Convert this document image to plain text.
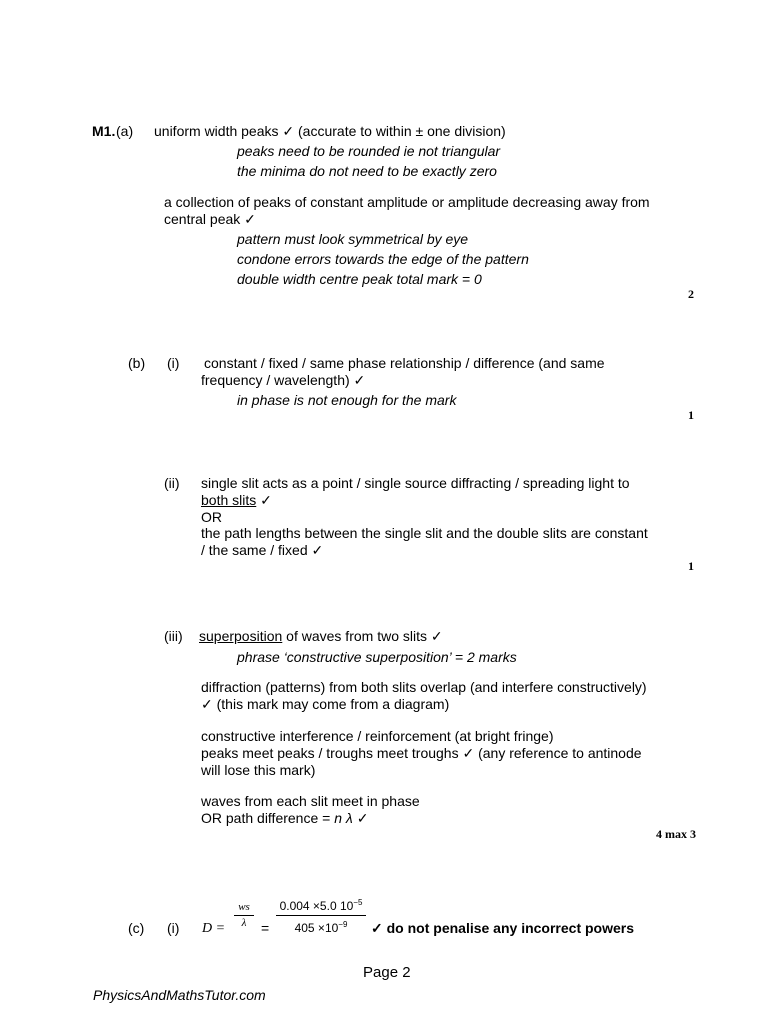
M1. (a) uniform width peaks ✓ (accurate to within ± one division)
peaks need to be rounded ie not triangular
the minima do not need to be exactly zero
a collection of peaks of constant amplitude or amplitude decreasing away from
central peak ✓
pattern must look symmetrical by eye
condone errors towards the edge of the pattern
double width centre peak total mark = 0
2
(b) (i) constant / fixed / same phase relationship / difference (and same
frequency / wavelength) ✓
in phase is not enough for the mark
1
(ii) single slit acts as a point / single source diffracting / spreading light to
both slits ✓
OR
the path lengths between the single slit and the double slits are constant
/ the same / fixed ✓
1
(iii) superposition of waves from two slits ✓
phrase ‘constructive superposition’ = 2 marks
diffraction (patterns) from both slits overlap (and interfere constructively)
✓ (this mark may come from a diagram)
constructive interference / reinforcement (at bright fringe)
peaks meet peaks / troughs meet troughs ✓ (any reference to antinode
will lose this mark)
waves from each slit meet in phase
OR path difference = n λ ✓
4 max 3
(c) (i) D =
ws
λ	=
0.004 ×5.0 $10^{-5}$
$405 \times 10^{-9}$	✓ do not penalise any incorrect powers
Page 2
PhysicsAndMathsTutor.com
